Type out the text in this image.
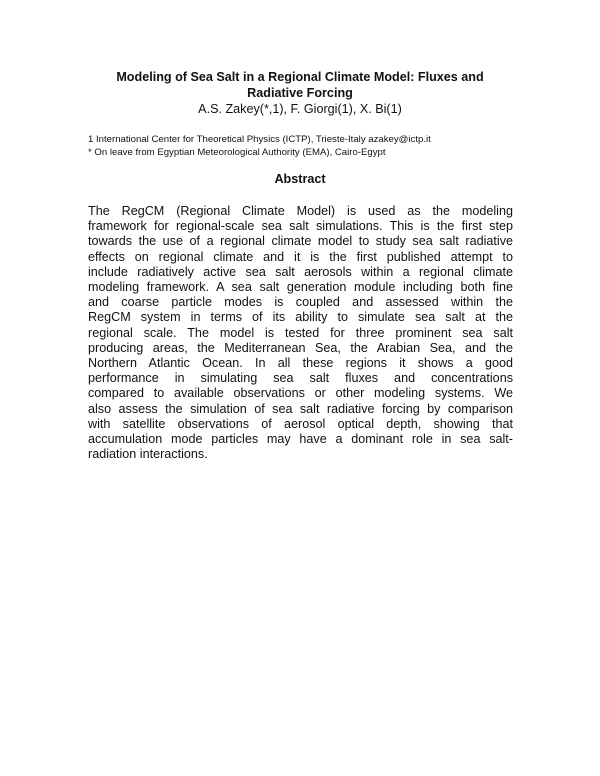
Modeling of Sea Salt in a Regional Climate Model: Fluxes and
Radiative Forcing
A.S. Zakey(*,1), F. Giorgi(1), X. Bi(1)
1 International Center for Theoretical Physics (ICTP), Trieste-Italy azakey@ictp.it
* On leave from Egyptian Meteorological Authority (EMA), Cairo-Egypt
Abstract
The RegCM (Regional Climate Model) is used as the modeling
framework for regional-scale sea salt simulations. This is the first step
towards the use of a regional climate model to study sea salt radiative
effects on regional climate and it is the first published attempt to
include radiatively active sea salt aerosols within a regional climate
modeling framework. A sea salt generation module including both fine
and coarse particle modes is coupled and assessed within the
RegCM system in terms of its ability to simulate sea salt at the
regional scale. The model is tested for three prominent sea salt
producing areas, the Mediterranean Sea, the Arabian Sea, and the
Northern Atlantic Ocean. In all these regions it shows a good
performance in simulating sea salt fluxes and concentrations
compared to available observations or other modeling systems. We
also assess the simulation of sea salt radiative forcing by comparison
with satellite observations of aerosol optical depth, showing that
accumulation mode particles may have a dominant role in sea salt-
radiation interactions.
